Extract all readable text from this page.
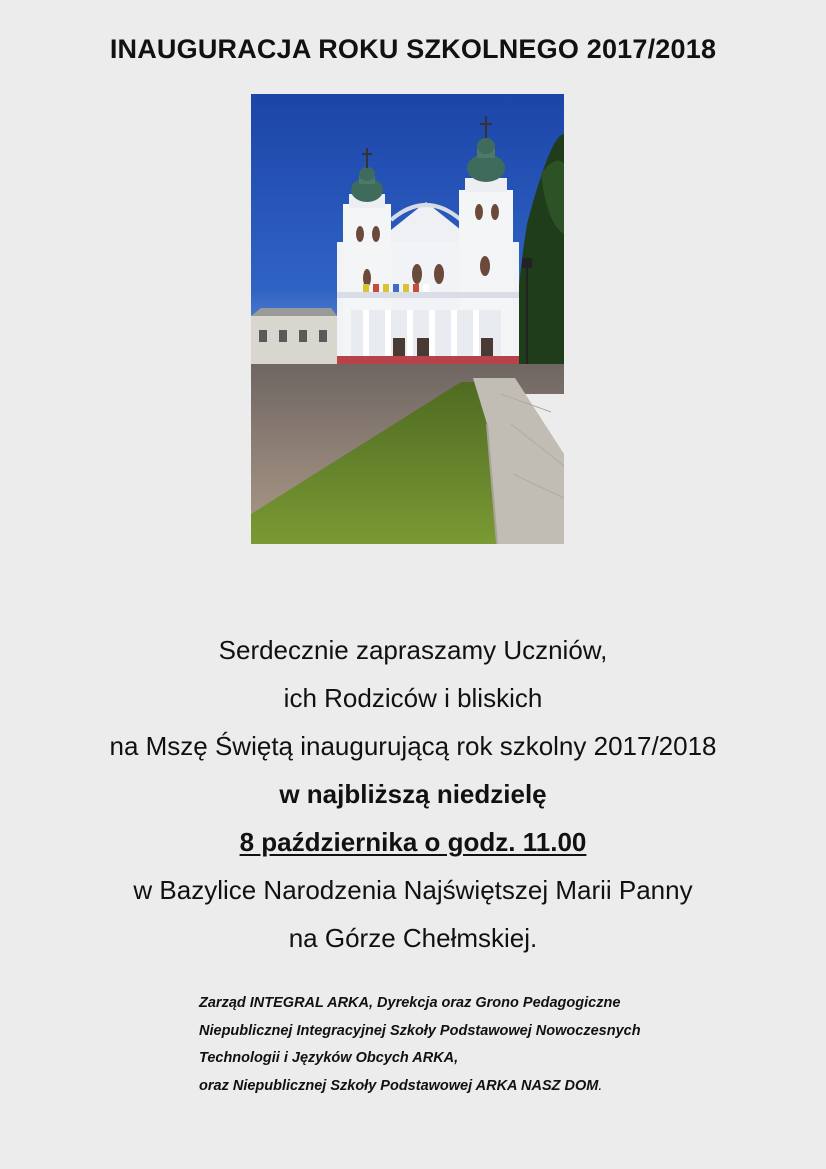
INAUGURACJA ROKU SZKOLNEGO 2017/2018
Serdecznie zapraszamy Uczniów,
ich Rodziców i bliskich
na Mszę Świętą inaugurującą rok szkolny 2017/2018
w najbliższą niedzielę
8 października o godz. 11.00
w Bazylice Narodzenia Najświętszej Marii Panny
na Górze Chełmskiej.
Zarząd INTEGRAL ARKA, Dyrekcja oraz Grono Pedagogiczne
Niepublicznej Integracyjnej Szkoły Podstawowej Nowoczesnych
Technologii i Języków Obcych ARKA,
oraz Niepublicznej Szkoły Podstawowej ARKA NASZ DOM.
